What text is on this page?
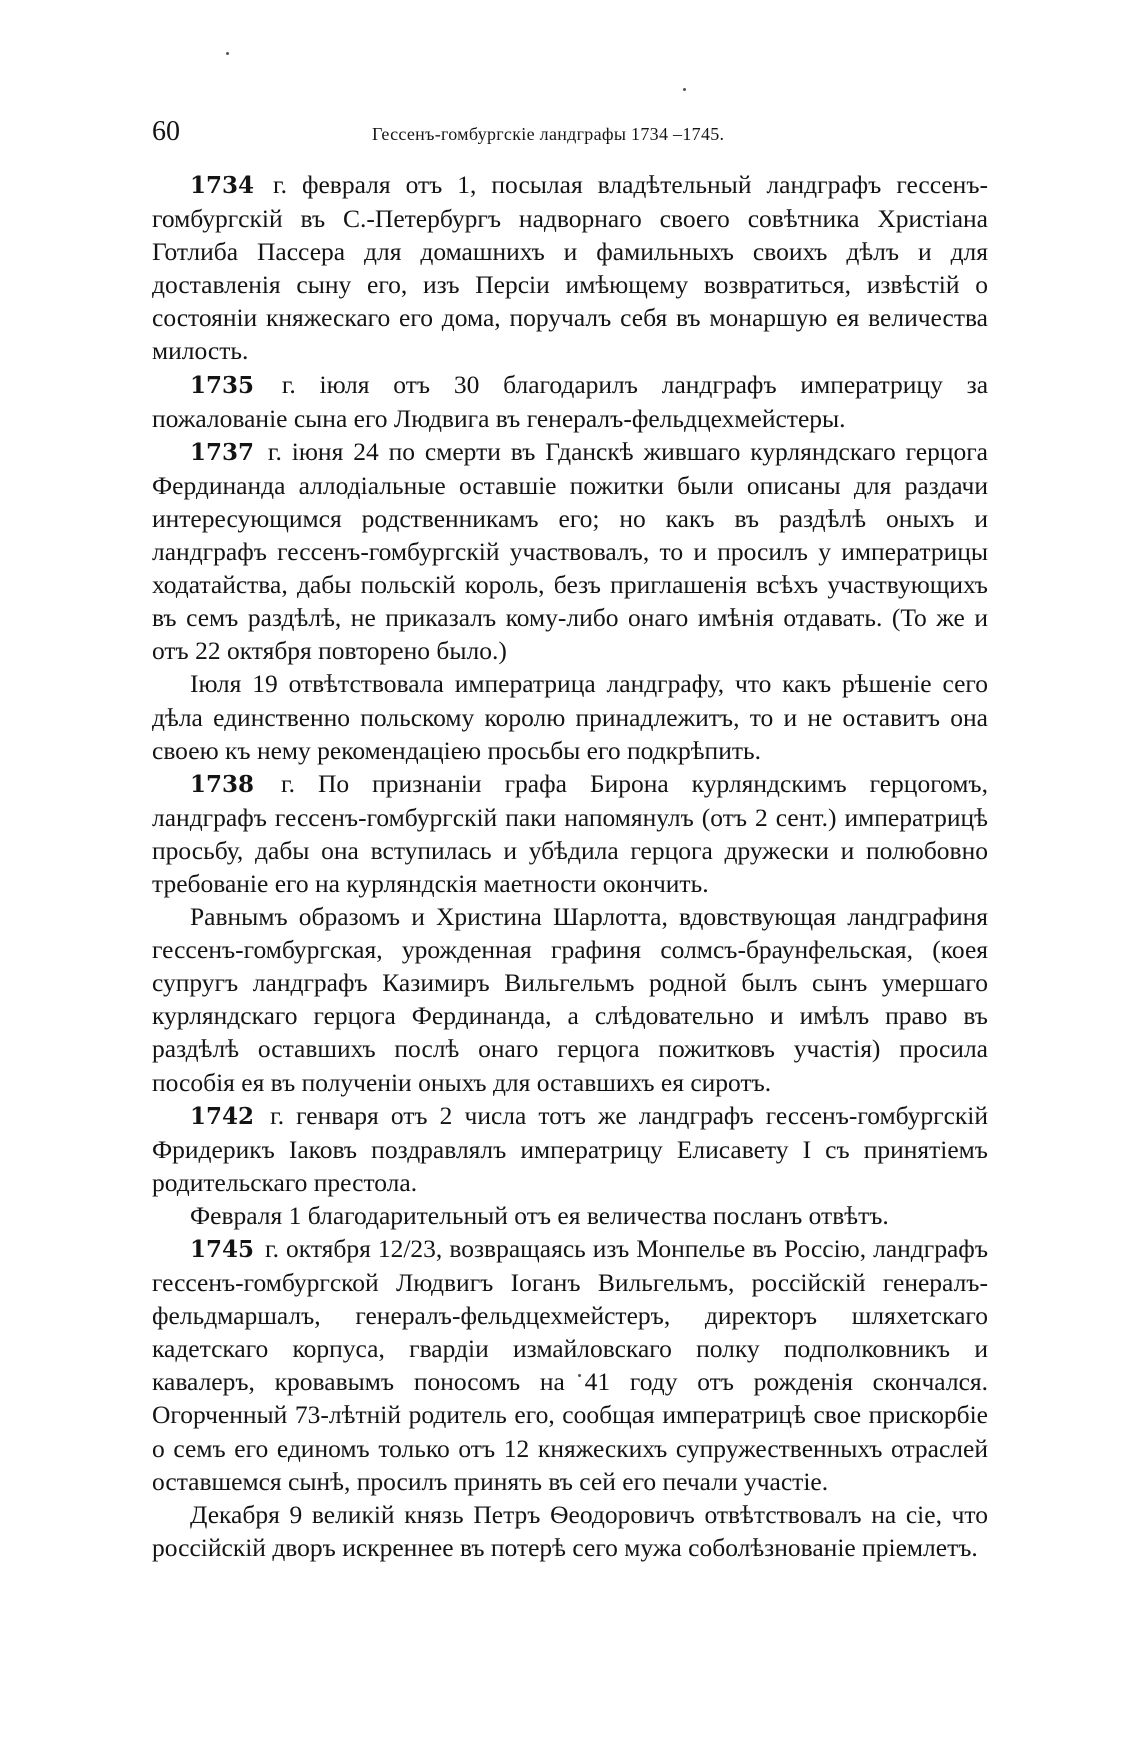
60	Гессенъ-гомбургскіе ландграфы 1734 –1745.

1734 г. февраля отъ 1, посылая владѣтельный ландграфъ гессенъ-гомбургскій въ С.-Петербургъ надворнаго своего совѣтника Христіана Готлиба Пассера для домашнихъ и фамильныхъ своихъ дѣлъ и для доставленія сыну его, изъ Персіи имѣющему возвратиться, извѣстій о состояніи княжескаго его дома, поручалъ себя въ монаршую ея величества милость.

1735 г. іюля отъ 30 благодарилъ ландграфъ императрицу за пожалованіе сына его Людвига въ генералъ-фельдцехмейстеры.

1737 г. іюня 24 по смерти въ Гданскѣ жившаго курляндскаго герцога Фердинанда аллодіальные оставшіе пожитки были описаны для раздачи интересующимся родственникамъ его; но какъ въ раздѣлѣ оныхъ и ландграфъ гессенъ-гомбургскій участвовалъ, то и просилъ у императрицы ходатайства, дабы польскій король, безъ приглашенія всѣхъ участвующихъ въ семъ раздѣлѣ, не приказалъ кому-либо онаго имѣнія отдавать. (То же и отъ 22 октября повторено было.)

Іюля 19 отвѣтствовала императрица ландграфу, что какъ рѣшеніе сего дѣла единственно польскому королю принадлежитъ, то и не оставитъ она своею къ нему рекомендаціею просьбы его подкрѣпить.

1738 г. По признаніи графа Бирона курляндскимъ герцогомъ, ландграфъ гессенъ-гомбургскій паки напомянулъ (отъ 2 сент.) императрицѣ просьбу, дабы она вступилась и убѣдила герцога дружески и полюбовно требованіе его на курляндскія маетности окончить.

Равнымъ образомъ и Христина Шарлотта, вдовствующая ландграфиня гессенъ-гомбургская, урожденная графиня солмсъ-браунфельская, (коея супругъ ландграфъ Казимиръ Вильгельмъ родной былъ сынъ умершаго курляндскаго герцога Фердинанда, а слѣдовательно и имѣлъ право въ раздѣлѣ оставшихъ послѣ онаго герцога пожитковъ участія) просила пособія ея въ полученіи оныхъ для оставшихъ ея сиротъ.

1742 г. генваря отъ 2 числа тотъ же ландграфъ гессенъ-гомбургскій Фридерикъ Іаковъ поздравлялъ императрицу Елисавету I съ принятіемъ родительскаго престола.

Февраля 1 благодарительный отъ ея величества посланъ отвѣтъ.

1745 г. октября 12/23, возвращаясь изъ Монпелье въ Россію, ландграфъ гессенъ-гомбургской Людвигъ Іоганъ Вильгельмъ, россійскій генералъ-фельдмаршалъ, генералъ-фельдцехмейстеръ, директоръ шляхетскаго кадетскаго корпуса, гвардіи измайловскаго полку подполковникъ и кавалеръ, кровавымъ поносомъ на 41 году отъ рожденія скончался. Огорченный 73-лѣтній родитель его, сообщая императрицѣ свое прискорбіе о семъ его единомъ только отъ 12 княжескихъ супружественныхъ отраслей оставшемся сынѣ, просилъ принять въ сей его печали участіе.

Декабря 9 великій князь Петръ Ѳеодоровичъ отвѣтствовалъ на сіе, что россійскій дворъ искреннее въ потерѣ сего мужа соболѣзнованіе пріемлетъ.
